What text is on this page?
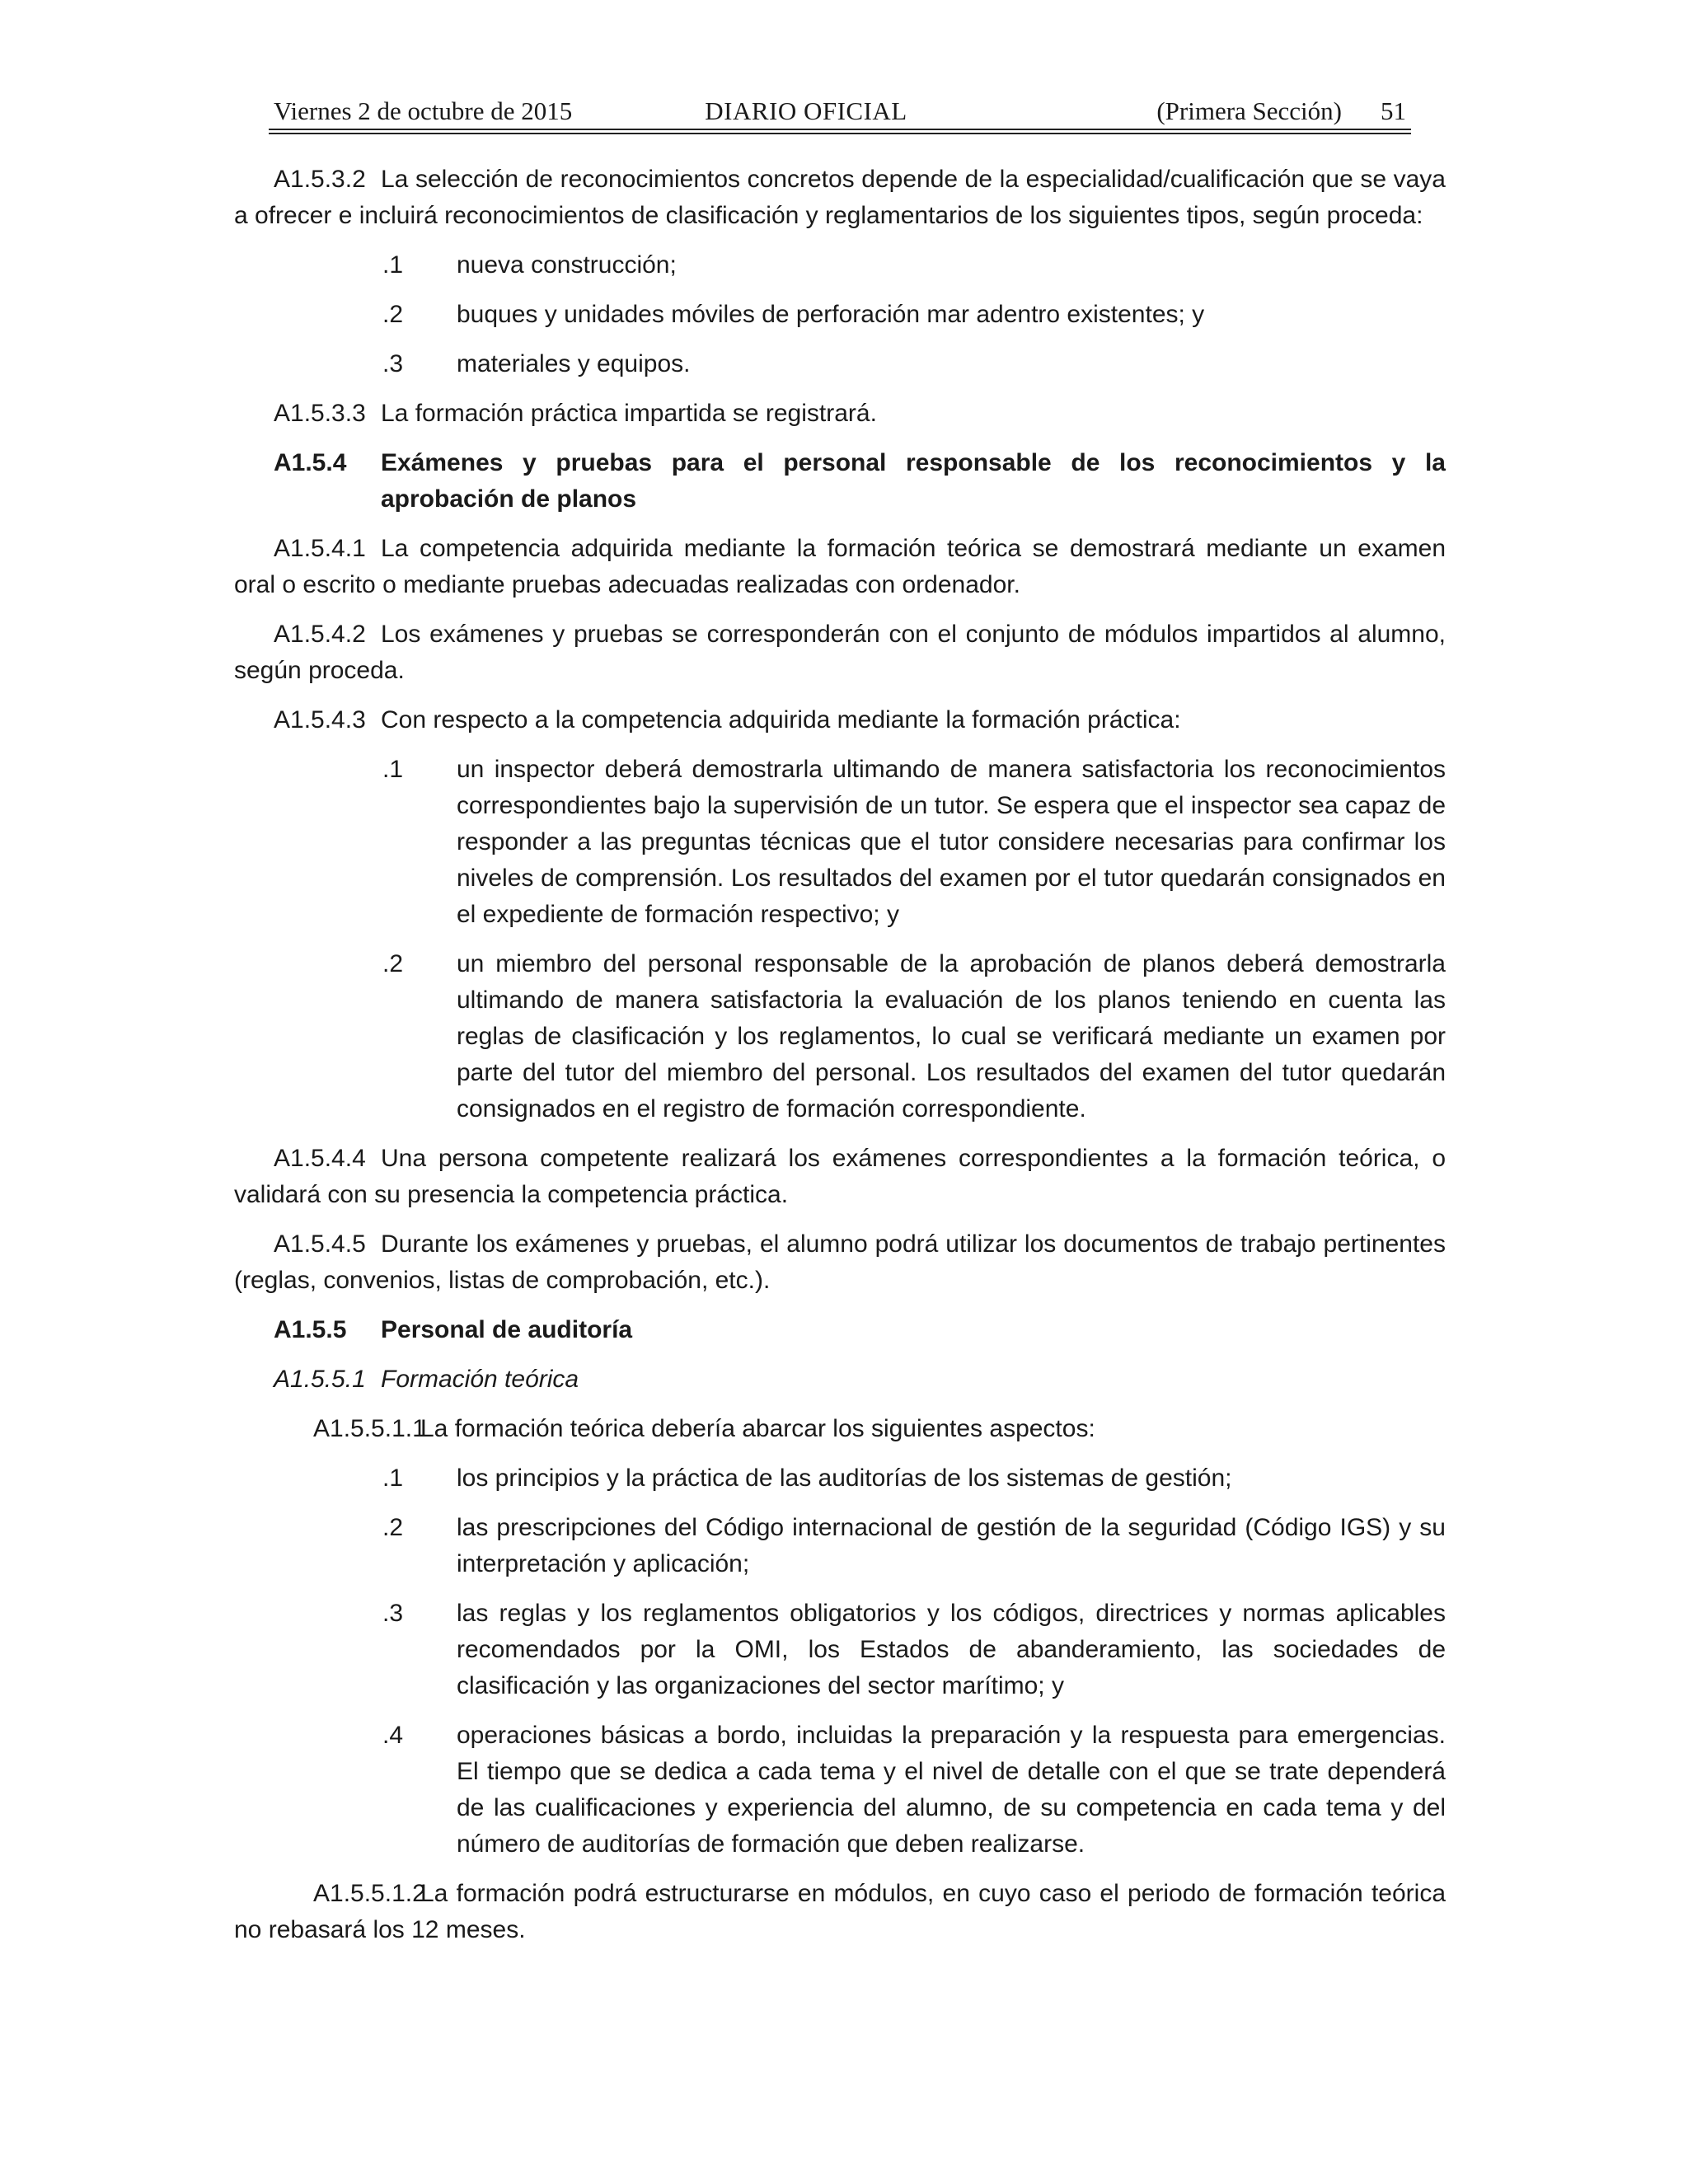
Viernes 2 de octubre de 2015	DIARIO OFICIAL	(Primera Sección) 51

A1.5.3.2 La selección de reconocimientos concretos depende de la especialidad/cualificación que se vaya a ofrecer e incluirá reconocimientos de clasificación y reglamentarios de los siguientes tipos, según proceda:

.1 nueva construcción;
.2 buques y unidades móviles de perforación mar adentro existentes; y
.3 materiales y equipos.

A1.5.3.3 La formación práctica impartida se registrará.

A1.5.4 Exámenes y pruebas para el personal responsable de los reconocimientos y la aprobación de planos

A1.5.4.1 La competencia adquirida mediante la formación teórica se demostrará mediante un examen oral o escrito o mediante pruebas adecuadas realizadas con ordenador.

A1.5.4.2 Los exámenes y pruebas se corresponderán con el conjunto de módulos impartidos al alumno, según proceda.

A1.5.4.3 Con respecto a la competencia adquirida mediante la formación práctica:

.1 un inspector deberá demostrarla ultimando de manera satisfactoria los reconocimientos correspondientes bajo la supervisión de un tutor. Se espera que el inspector sea capaz de responder a las preguntas técnicas que el tutor considere necesarias para confirmar los niveles de comprensión. Los resultados del examen por el tutor quedarán consignados en el expediente de formación respectivo; y
.2 un miembro del personal responsable de la aprobación de planos deberá demostrarla ultimando de manera satisfactoria la evaluación de los planos teniendo en cuenta las reglas de clasificación y los reglamentos, lo cual se verificará mediante un examen por parte del tutor del miembro del personal. Los resultados del examen del tutor quedarán consignados en el registro de formación correspondiente.

A1.5.4.4 Una persona competente realizará los exámenes correspondientes a la formación teórica, o validará con su presencia la competencia práctica.

A1.5.4.5 Durante los exámenes y pruebas, el alumno podrá utilizar los documentos de trabajo pertinentes (reglas, convenios, listas de comprobación, etc.).

A1.5.5 Personal de auditoría

A1.5.5.1 Formación teórica

A1.5.5.1.1La formación teórica debería abarcar los siguientes aspectos:

.1 los principios y la práctica de las auditorías de los sistemas de gestión;
.2 las prescripciones del Código internacional de gestión de la seguridad (Código IGS) y su interpretación y aplicación;
.3 las reglas y los reglamentos obligatorios y los códigos, directrices y normas aplicables recomendados por la OMI, los Estados de abanderamiento, las sociedades de clasificación y las organizaciones del sector marítimo; y
.4 operaciones básicas a bordo, incluidas la preparación y la respuesta para emergencias. El tiempo que se dedica a cada tema y el nivel de detalle con el que se trate dependerá de las cualificaciones y experiencia del alumno, de su competencia en cada tema y del número de auditorías de formación que deben realizarse.

A1.5.5.1.2La formación podrá estructurarse en módulos, en cuyo caso el periodo de formación teórica no rebasará los 12 meses.
